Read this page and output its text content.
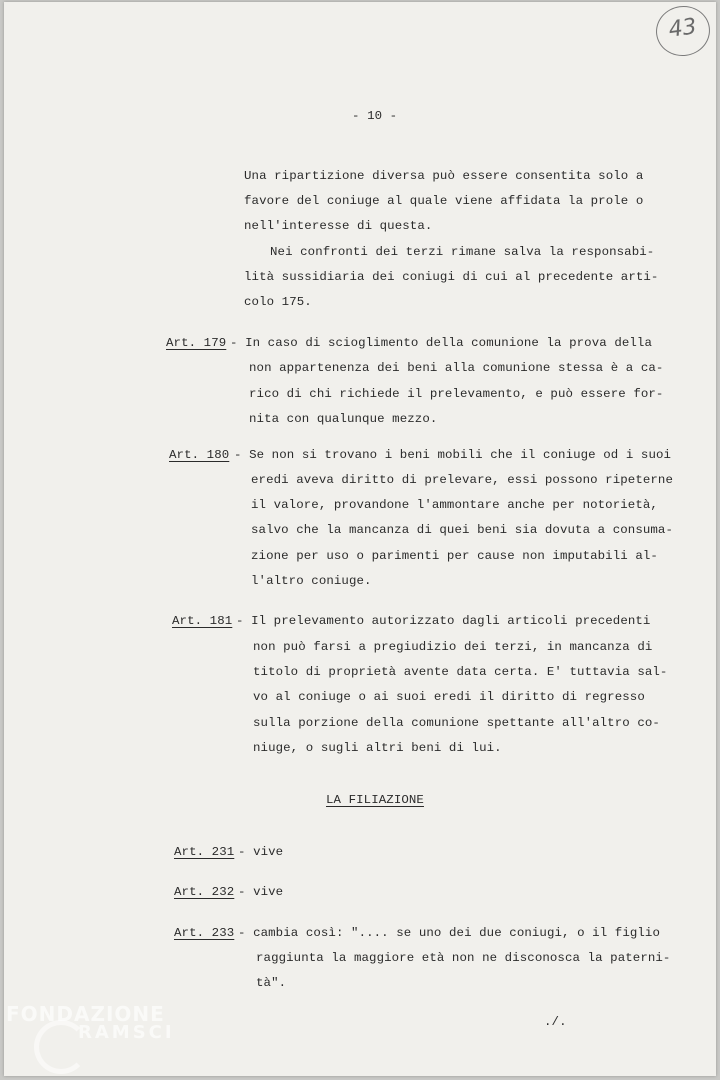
43
- 10 -
Una ripartizione diversa può essere consentita solo a
favore del coniuge al quale viene affidata la prole o
nell'interesse di questa.
Nei confronti dei terzi rimane salva la responsabi-
lità sussidiaria dei coniugi di cui al precedente arti-
colo 175.
Art. 179 - In caso di scioglimento della comunione la prova della
non appartenenza dei beni alla comunione stessa è a ca-
rico di chi richiede il prelevamento, e può essere for-
nita con qualunque mezzo.
Art. 180 - Se non si trovano i beni mobili che il coniuge od i suoi
eredi aveva diritto di prelevare, essi possono ripeterne
il valore, provandone l'ammontare anche per notorietà,
salvo che la mancanza di quei beni sia dovuta a consuma-
zione per uso o parimenti per cause non imputabili al-
l'altro coniuge.
Art. 181 - Il prelevamento autorizzato dagli articoli precedenti
non può farsi a pregiudizio dei terzi, in mancanza di
titolo di proprietà avente data certa. E' tuttavia sal-
vo al coniuge o ai suoi eredi il diritto di regresso
sulla porzione della comunione spettante all'altro co-
niuge, o sugli altri beni di lui.
LA FILIAZIONE
Art. 231 - vive
Art. 232 - vive
Art. 233 - cambia così: ".... se uno dei due coniugi, o il figlio
raggiunta la maggiore età non ne disconosca la paterni-
tà".
./.
FONDAZIONE
RAMSCI
